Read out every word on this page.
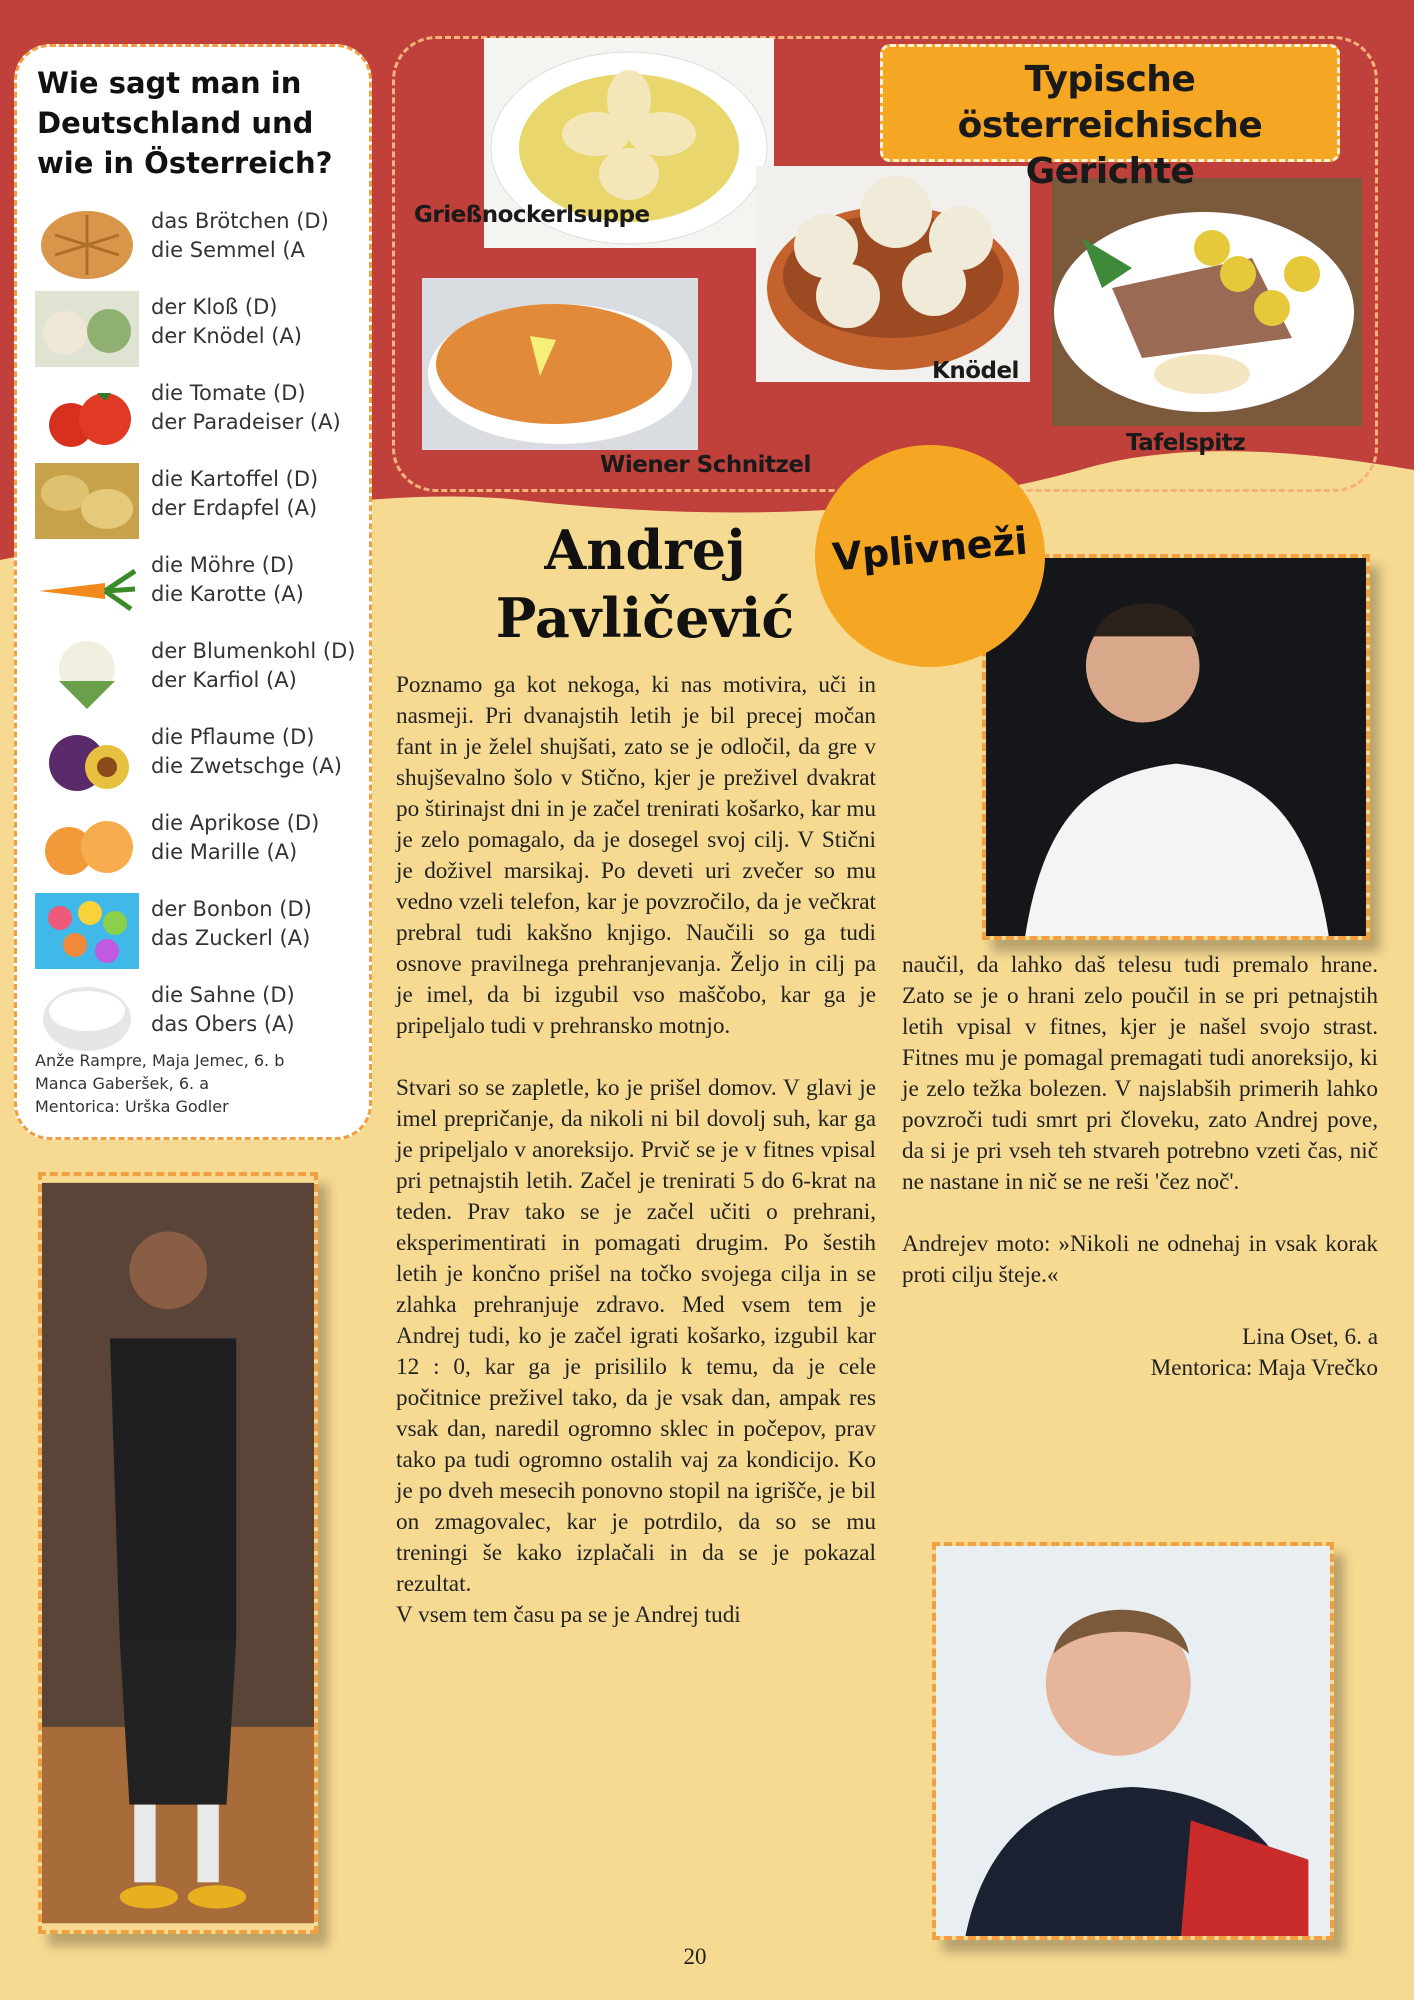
Typische österreichische Gerichte
Grießnockerlsuppe
Wiener Schnitzel
Knödel
Tafelspitz
Wie sagt man in Deutschland und wie in Österreich?
das Brötchen (D)
die Semmel (A
der Kloß (D)
der Knödel (A)
die Tomate (D)
der Paradeiser (A)
die Kartoffel (D)
der Erdapfel (A)
die Möhre (D)
die Karotte (A)
der Blumenkohl (D)
der Karfiol (A)
die Pflaume (D)
die Zwetschge (A)
die Aprikose (D)
die Marille (A)
der Bonbon (D)
das Zuckerl (A)
die Sahne (D)
das Obers (A)
Anže Rampre, Maja Jemec, 6. b
Manca Gaberšek, 6. a
Mentorica: Urška Godler
Vplivneži
Andrej Pavličević

Poznamo ga kot nekoga, ki nas motivira, uči in nasmeji. Pri dvanajstih letih je bil precej močan fant in je želel shujšati, zato se je odločil, da gre v shujševalno šolo v Stično, kjer je preživel dvakrat po štirinajst dni in je začel trenirati košarko, kar mu je zelo pomagalo, da je dosegel svoj cilj. V Stični je doživel marsikaj. Po deveti uri zvečer so mu vedno vzeli telefon, kar je povzročilo, da je večkrat prebral tudi kakšno knjigo. Naučili so ga tudi osnove pravilnega prehranjevanja. Željo in cilj pa je imel, da bi izgubil vso maščobo, kar ga je pripeljalo tudi v prehransko motnjo.

Stvari so se zapletle, ko je prišel domov. V glavi je imel prepričanje, da nikoli ni bil dovolj suh, kar ga je pripeljalo v anoreksijo. Prvič se je v fitnes vpisal pri petnajstih letih. Začel je trenirati 5 do 6-krat na teden. Prav tako se je začel učiti o prehrani, eksperimentirati in pomagati drugim. Po šestih letih je končno prišel na točko svojega cilja in se zlahka prehranjuje zdravo. Med vsem tem je Andrej tudi, ko je začel igrati košarko, izgubil kar 12 : 0, kar ga je prisililo k temu, da je cele počitnice preživel tako, da je vsak dan, ampak res vsak dan, naredil ogromno sklec in počepov, prav tako pa tudi ogromno ostalih vaj za kondicijo. Ko je po dveh mesecih ponovno stopil na igrišče, je bil on zmagovalec, kar je potrdilo, da so se mu treningi še kako izplačali in da se je pokazal rezultat.

V vsem tem času pa se je Andrej tudi

naučil, da lahko daš telesu tudi premalo hrane. Zato se je o hrani zelo poučil in se pri petnajstih letih vpisal v fitnes, kjer je našel svojo strast. Fitnes mu je pomagal premagati tudi anoreksijo, ki je zelo težka bolezen. V najslabših primerih lahko povzroči tudi smrt pri človeku, zato Andrej pove, da si je pri vseh teh stvareh potrebno vzeti čas, nič ne nastane in nič se ne reši 'čez noč'.

Andrejev moto: »Nikoli ne odnehaj in vsak korak proti cilju šteje.«

Lina Oset, 6. a

Mentorica: Maja Vrečko

20
